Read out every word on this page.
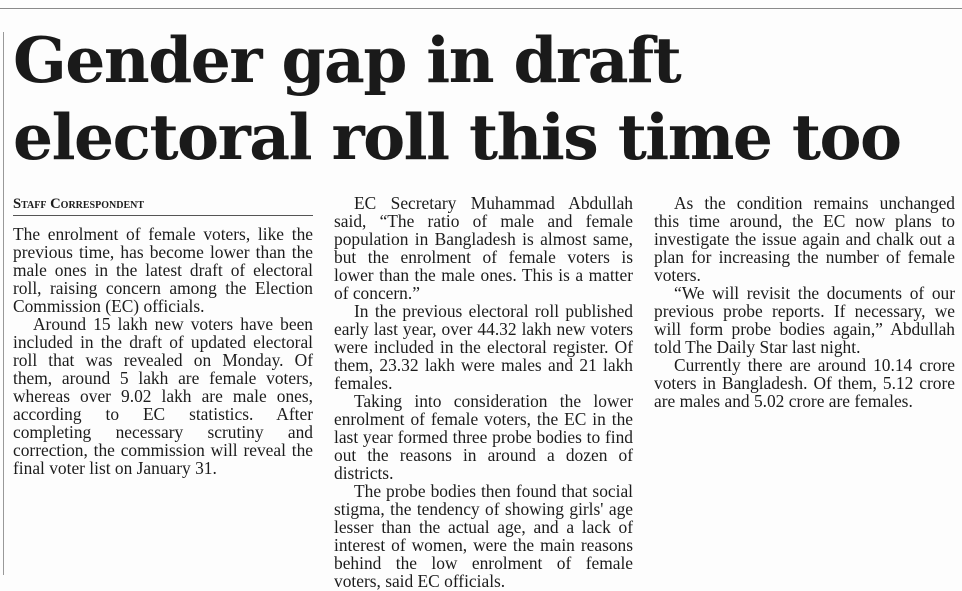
Gender gap in draft electoral roll this time too
Staff Correspondent

The enrolment of female voters, like the previous time, has become lower than the male ones in the latest draft of electoral roll, raising concern among the Election Commission (EC) officials.

Around 15 lakh new voters have been included in the draft of updated electoral roll that was revealed on Monday. Of them, around 5 lakh are female voters, whereas over 9.02 lakh are male ones, according to EC statistics. After completing necessary scrutiny and correction, the commission will reveal the final voter list on January 31.

EC Secretary Muhammad Abdullah said, “The ratio of male and female population in Bangladesh is almost same, but the enrolment of female voters is lower than the male ones. This is a matter of concern.”

In the previous electoral roll published early last year, over 44.32 lakh new voters were included in the electoral register. Of them, 23.32 lakh were males and 21 lakh females.

Taking into consideration the lower enrolment of female voters, the EC in the last year formed three probe bodies to find out the reasons in around a dozen of districts.

The probe bodies then found that social stigma, the tendency of showing girls' age lesser than the actual age, and a lack of interest of women, were the main reasons behind the low enrolment of female voters, said EC officials.

As the condition remains unchanged this time around, the EC now plans to investigate the issue again and chalk out a plan for increasing the number of female voters.

“We will revisit the documents of our previous probe reports. If necessary, we will form probe bodies again,” Abdullah told The Daily Star last night.

Currently there are around 10.14 crore voters in Bangladesh. Of them, 5.12 crore are males and 5.02 crore are females.
